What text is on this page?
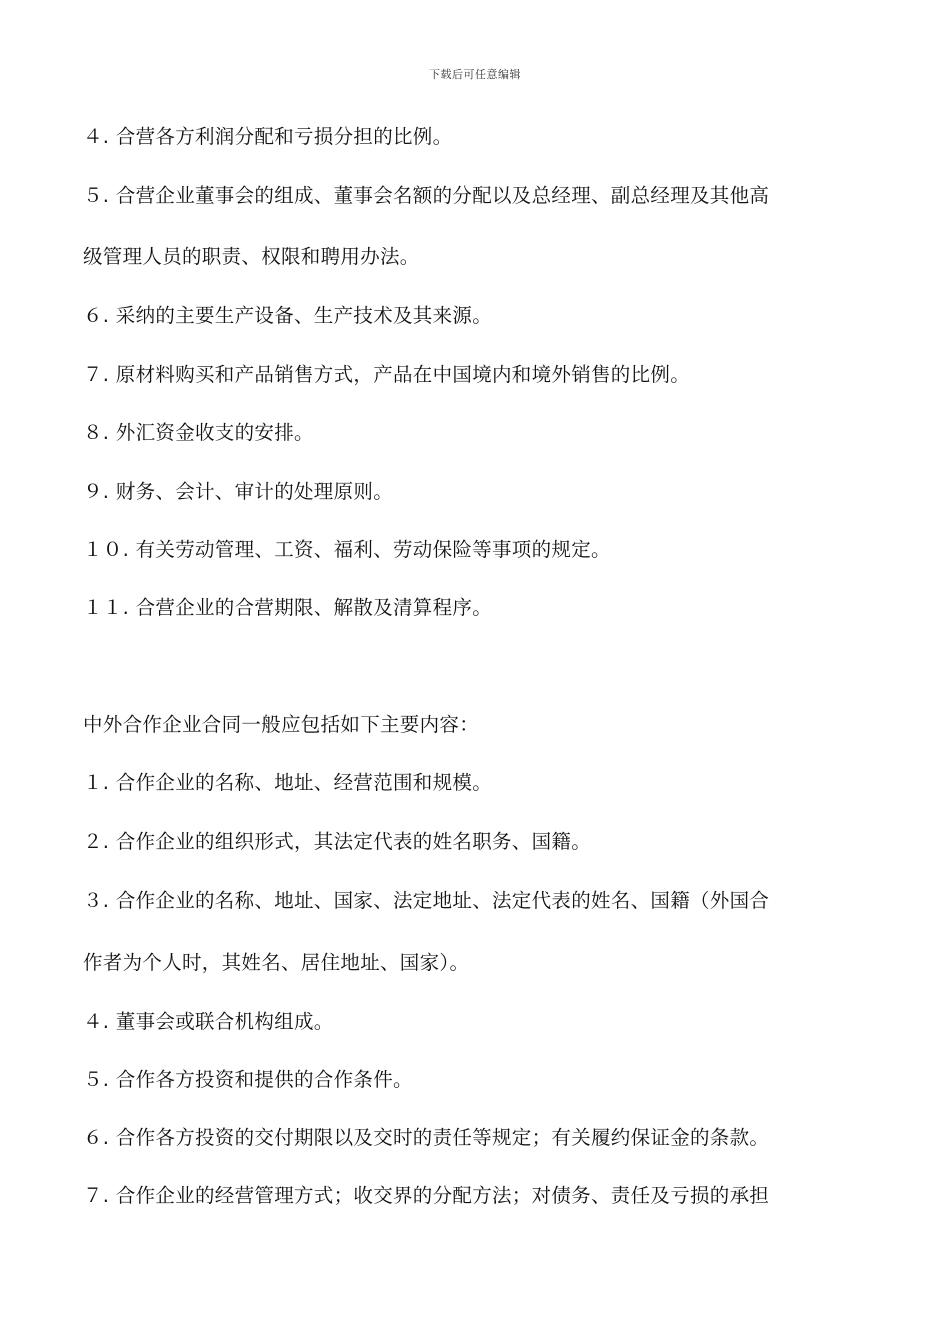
下载后可任意编辑
４. 合营各方利润分配和亏损分担的比例。
５. 合营企业董事会的组成、董事会名额的分配以及总经理、副总经理及其他高
级管理人员的职责、权限和聘用办法。
６. 采纳的主要生产设备、生产技术及其来源。
７. 原材料购买和产品销售方式，产品在中国境内和境外销售的比例。
８. 外汇资金收支的安排。
９. 财务、会计、审计的处理原则。
１０. 有关劳动管理、工资、福利、劳动保险等事项的规定。
１１. 合营企业的合营期限、解散及清算程序。
中外合作企业合同一般应包括如下主要内容：
１. 合作企业的名称、地址、经营范围和规模。
２. 合作企业的组织形式，其法定代表的姓名职务、国籍。
３. 合作企业的名称、地址、国家、法定地址、法定代表的姓名、国籍（外国合
作者为个人时，其姓名、居住地址、国家）。
４. 董事会或联合机构组成。
５. 合作各方投资和提供的合作条件。
６. 合作各方投资的交付期限以及交时的责任等规定；有关履约保证金的条款。
７. 合作企业的经营管理方式；收交界的分配方法；对债务、责任及亏损的承担
